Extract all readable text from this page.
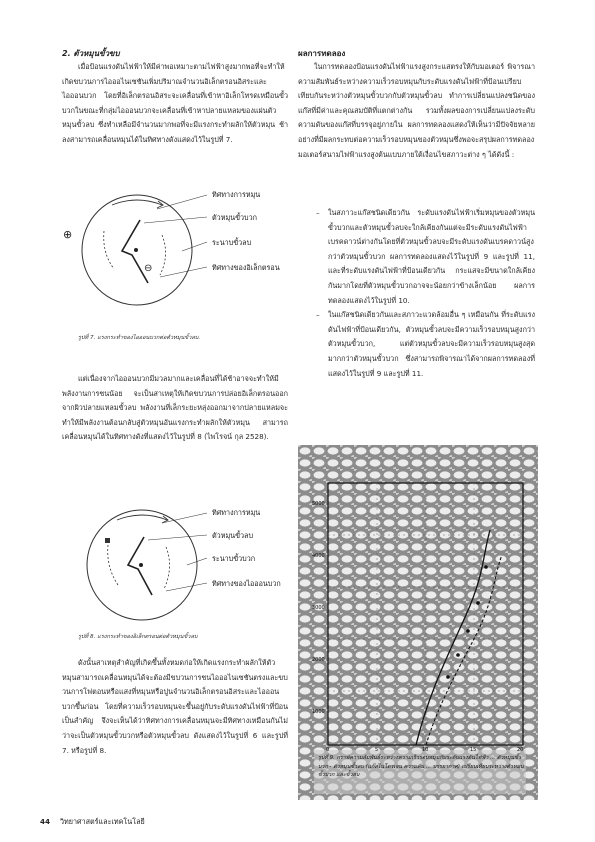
2. ตัวหมุนขั้วขบ

เมื่อป้อนแรงดันไฟฟ้าให้มีค่าพอเหมาะตามไฟฟ้าสูงมากพอที่จะทำให้เกิดขบวนการไอออไนเซชันเพิ่มปริมาณจำนวนอิเล็กตรอนอิสระและไอออนบวก โดยที่อิเล็กตรอนอิสระจะเคลื่อนที่เข้าหาอิเล็กโทรดเหมือนขั้วบวกในขณะที่กลุ่มไอออนบวกจะเคลื่อนที่เข้าหาปลายแหลมของแผ่นตัวหมุนขั้วลบ ซึ่งทำเหลือมีจำนวนมากพอที่จะมีแรงกระทำผลักให้ตัวหมุน ช้าลงสามารถเคลื่อนหมุนได้ในทิศทางดังแสดงไว้ในรูปที่ 7.

⊕
⊖
ทิศทางการหมุน
ตัวหมุนขั้วบวก
ระนาบขั้วลบ
ทิศทางของอิเล็กตรอน
รูปที่ 7. แรงกระทำของไอออนบวกต่อตัวหมุนขั้วลบ.

แต่เนื่องจากไอออนบวกมีมวลมากและเคลื่อนที่ได้ช้าอาจจะทำให้มีพลังงานการชนน้อย จะเป็นสาเหตุให้เกิดขบวนการปล่อยอิเล็กตรอนออกจากผิวปลายแหลมขั้วลบ พลังงานที่เล็กระยะหลุ่งออกมาจากปลายแหลมจะทำให้มีพลังงานต้อนกลับสู่ตัวหมุนอันแรงกระทำผลักให้ตัวหมุน สามารถเคลื่อนหมุนได้ในทิศทางดังที่แสดงไว้ในรูปที่ 8 (ไพโรจน์ กุล 2528).

ทิศทางการหมุน
ตัวหมุนขั้วลบ
ระนาบขั้วบวก
ทิศทางของไอออนบวก
รูปที่ 8. แรงกระทำของอิเล็กตรอนต่อตัวหมุนขั้วลบ

ดังนั้นสาเหตุสำคัญที่เกิดขึ้นทั้งหมดก่อให้เกิดแรงกระทำผลักให้ตัวหมุนสามารถเคลื่อนหมุนได้จะต้องมีขบวนการชนไอออไนเซชันตรงและขบวนการโฟตอนหรือแสงที่หมุนหรือปูนจำนวนอิเล็กตรอนอิสระและไอออนบวกขึ้นก่อน โดยที่ความเร็วรอบหมุนจะขึ้นอยู่กับระดับแรงดันไฟฟ้าที่ป้อนเป็นสำคัญ จึงจะเห็นได้ว่าทิศทางการเคลื่อนหมุนจะมีทิศทางเหมือนกันไม่ว่าจะเป็นตัวหมุนขั้วบวกหรือตัวหมุนขั้วลบ ดังแสดงไว้ในรูปที่ 6 และรูปที่ 7. หรือรูปที่ 8.

ผลการทดลอง

ในการทดลองป้อนแรงดันไฟฟ้าแรงสูงกระแสตรงให้กับมอเตอร์ พิจารณาความสัมพันธ์ระหว่างความเร็วรอบหมุนกับระดับแรงดันไฟฟ้าที่ป้อนเปรียบเทียบกันระหว่างตัวหมุนขั้วบวกกับตัวหมุนขั้วลบ ทำการเปลี่ยนแปลงชนิดของแก๊สที่มีค่าและคุณสมบัติที่แตกต่างกัน รวมทั้งผลของการเปลี่ยนแปลงระดับความดันของแก๊สที่บรรจุอยู่ภายใน ผลการทดลองแสดงให้เห็นว่ามีปัจจัยหลายอย่างที่มีผลกระทบต่อความเร็วรอบหมุนของตัวหมุนซึ่งพอจะสรุปผลการทดลองมอเตอร์สนามไฟฟ้าแรงสูงต้นแบบภายใต้เงื่อนไขสภาวะต่าง ๆ ได้ดังนี้ :

– ในสภาวะแก๊สชนิดเดียวกัน ระดับแรงดันไฟฟ้าเริ่มหมุนของตัวหมุนขั้วบวกและตัวหมุนขั้วลบจะใกล้เคียงกันแต่จะมีระดับแรงดันไฟฟ้าเบรคดาวน์ต่างกันโดยที่ตัวหมุนขั้วลบจะมีระดับแรงดันเบรคดาวน์สูงกว่าตัวหมุนขั้วบวก ผลการทดลองแสดงไว้ในรูปที่ 9 และรูปที่ 11, และที่ระดับแรงดันไฟฟ้าที่ป้อนเดียวกัน กระแสจะมีขนาดใกล้เคียงกันมากโดยที่ตัวหมุนขั้วบวกอาจจะน้อยกว่าข้างเล็กน้อย ผลการทดลองแสดงไว้ในรูปที่ 10.
– ในแก๊สชนิดเดียวกันและสภาวะแวดล้อมอื่น ๆ เหมือนกัน ที่ระดับแรงดันไฟฟ้าที่ป้อนเดียวกัน, ตัวหมุนขั้วลบจะมีความเร็วรอบหมุนสูงกว่าตัวหมุนขั้วบวก, แต่ตัวหมุนขั้วลบจะมีความเร็วรอบหมุนสูงสุดมากกว่าตัวหมุนขั้วบวก ซึ่งสามารถพิจารณาได้จากผลการทดลองที่แสดงไว้ในรูปที่ 9 และรูปที่ 11.
5000
4000
3000
2000
1000
0	5	10	15	20
รูปที่ 9. กราฟความสัมพันธ์ระหว่างความเร็วรอบหมุนกับระดับแรงดันไฟฟ้า ... ตัวหมุนขั้วบวก - ตัวหมุนขั้วลบ (แก๊สไนโตรเจน ความดัน ... บรรยากาศ) เปรียบเทียบระหว่างตัวหมุนขั้วบวก และขั้วลบ
44 วิทยาศาสตร์และเทคโนโลยี
